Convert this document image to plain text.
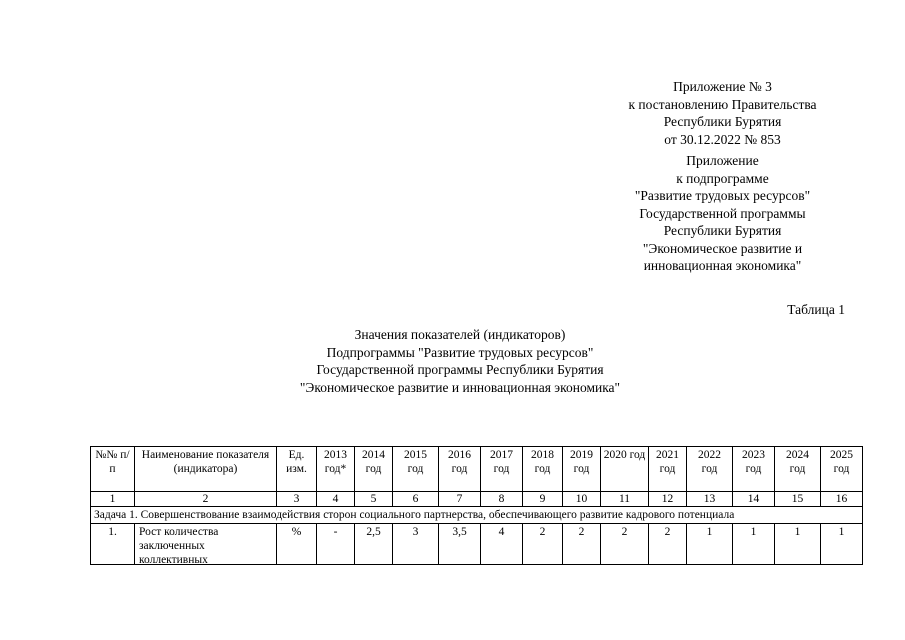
Приложение № 3
к постановлению Правительства
Республики Бурятия
от 30.12.2022 № 853
Приложение
к подпрограмме
"Развитие трудовых ресурсов"
Государственной программы
Республики Бурятия
"Экономическое развитие и
инновационная экономика"
Таблица 1
Значения показателей (индикаторов)
Подпрограммы "Развитие трудовых ресурсов"
Государственной программы Республики Бурятия
"Экономическое развитие и инновационная экономика"
№№ п/п	Наименование показателя (индикатора)	Ед. изм.	2013 год*	2014 год	2015 год	2016 год	2017 год	2018 год	2019 год	2020 год	2021 год	2022 год	2023 год	2024 год	2025 год
1	2	3	4	5	6	7	8	9	10	11	12	13	14	15	16
Задача 1. Совершенствование взаимодействия сторон социального партнерства, обеспечивающего развитие кадрового потенциала															
1.	Рост количества заключенных коллективных	%	-	2,5	3	3,5	4	2	2	2	2	1	1	1	1
